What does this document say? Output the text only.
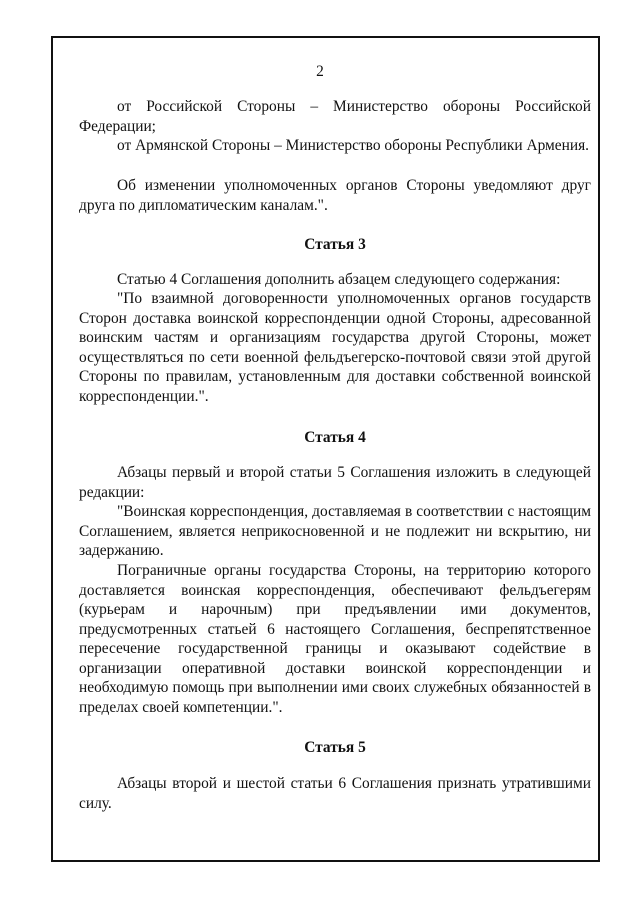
2

от Российской Стороны – Министерство обороны Российской Федерации;

от Армянской Стороны – Министерство обороны Республики Армения.

Об изменении уполномоченных органов Стороны уведомляют друг друга по дипломатическим каналам.".

Статья 3

Статью 4 Соглашения дополнить абзацем следующего содержания:

"По взаимной договоренности уполномоченных органов государств Сторон доставка воинской корреспонденции одной Стороны, адресованной воинским частям и организациям государства другой Стороны, может осуществляться по сети военной фельдъегерско-почтовой связи этой другой Стороны по правилам, установленным для доставки собственной воинской корреспонденции.".

Статья 4

Абзацы первый и второй статьи 5 Соглашения изложить в следующей редакции:

"Воинская корреспонденция, доставляемая в соответствии с настоящим Соглашением, является неприкосновенной и не подлежит ни вскрытию, ни задержанию.

Пограничные органы государства Стороны, на территорию которого доставляется воинская корреспонденция, обеспечивают фельдъегерям (курьерам и нарочным) при предъявлении ими документов, предусмотренных статьей 6 настоящего Соглашения, беспрепятственное пересечение государственной границы и оказывают содействие в организации оперативной доставки воинской корреспонденции и необходимую помощь при выполнении ими своих служебных обязанностей в пределах своей компетенции.".

Статья 5

Абзацы второй и шестой статьи 6 Соглашения признать утратившими силу.
